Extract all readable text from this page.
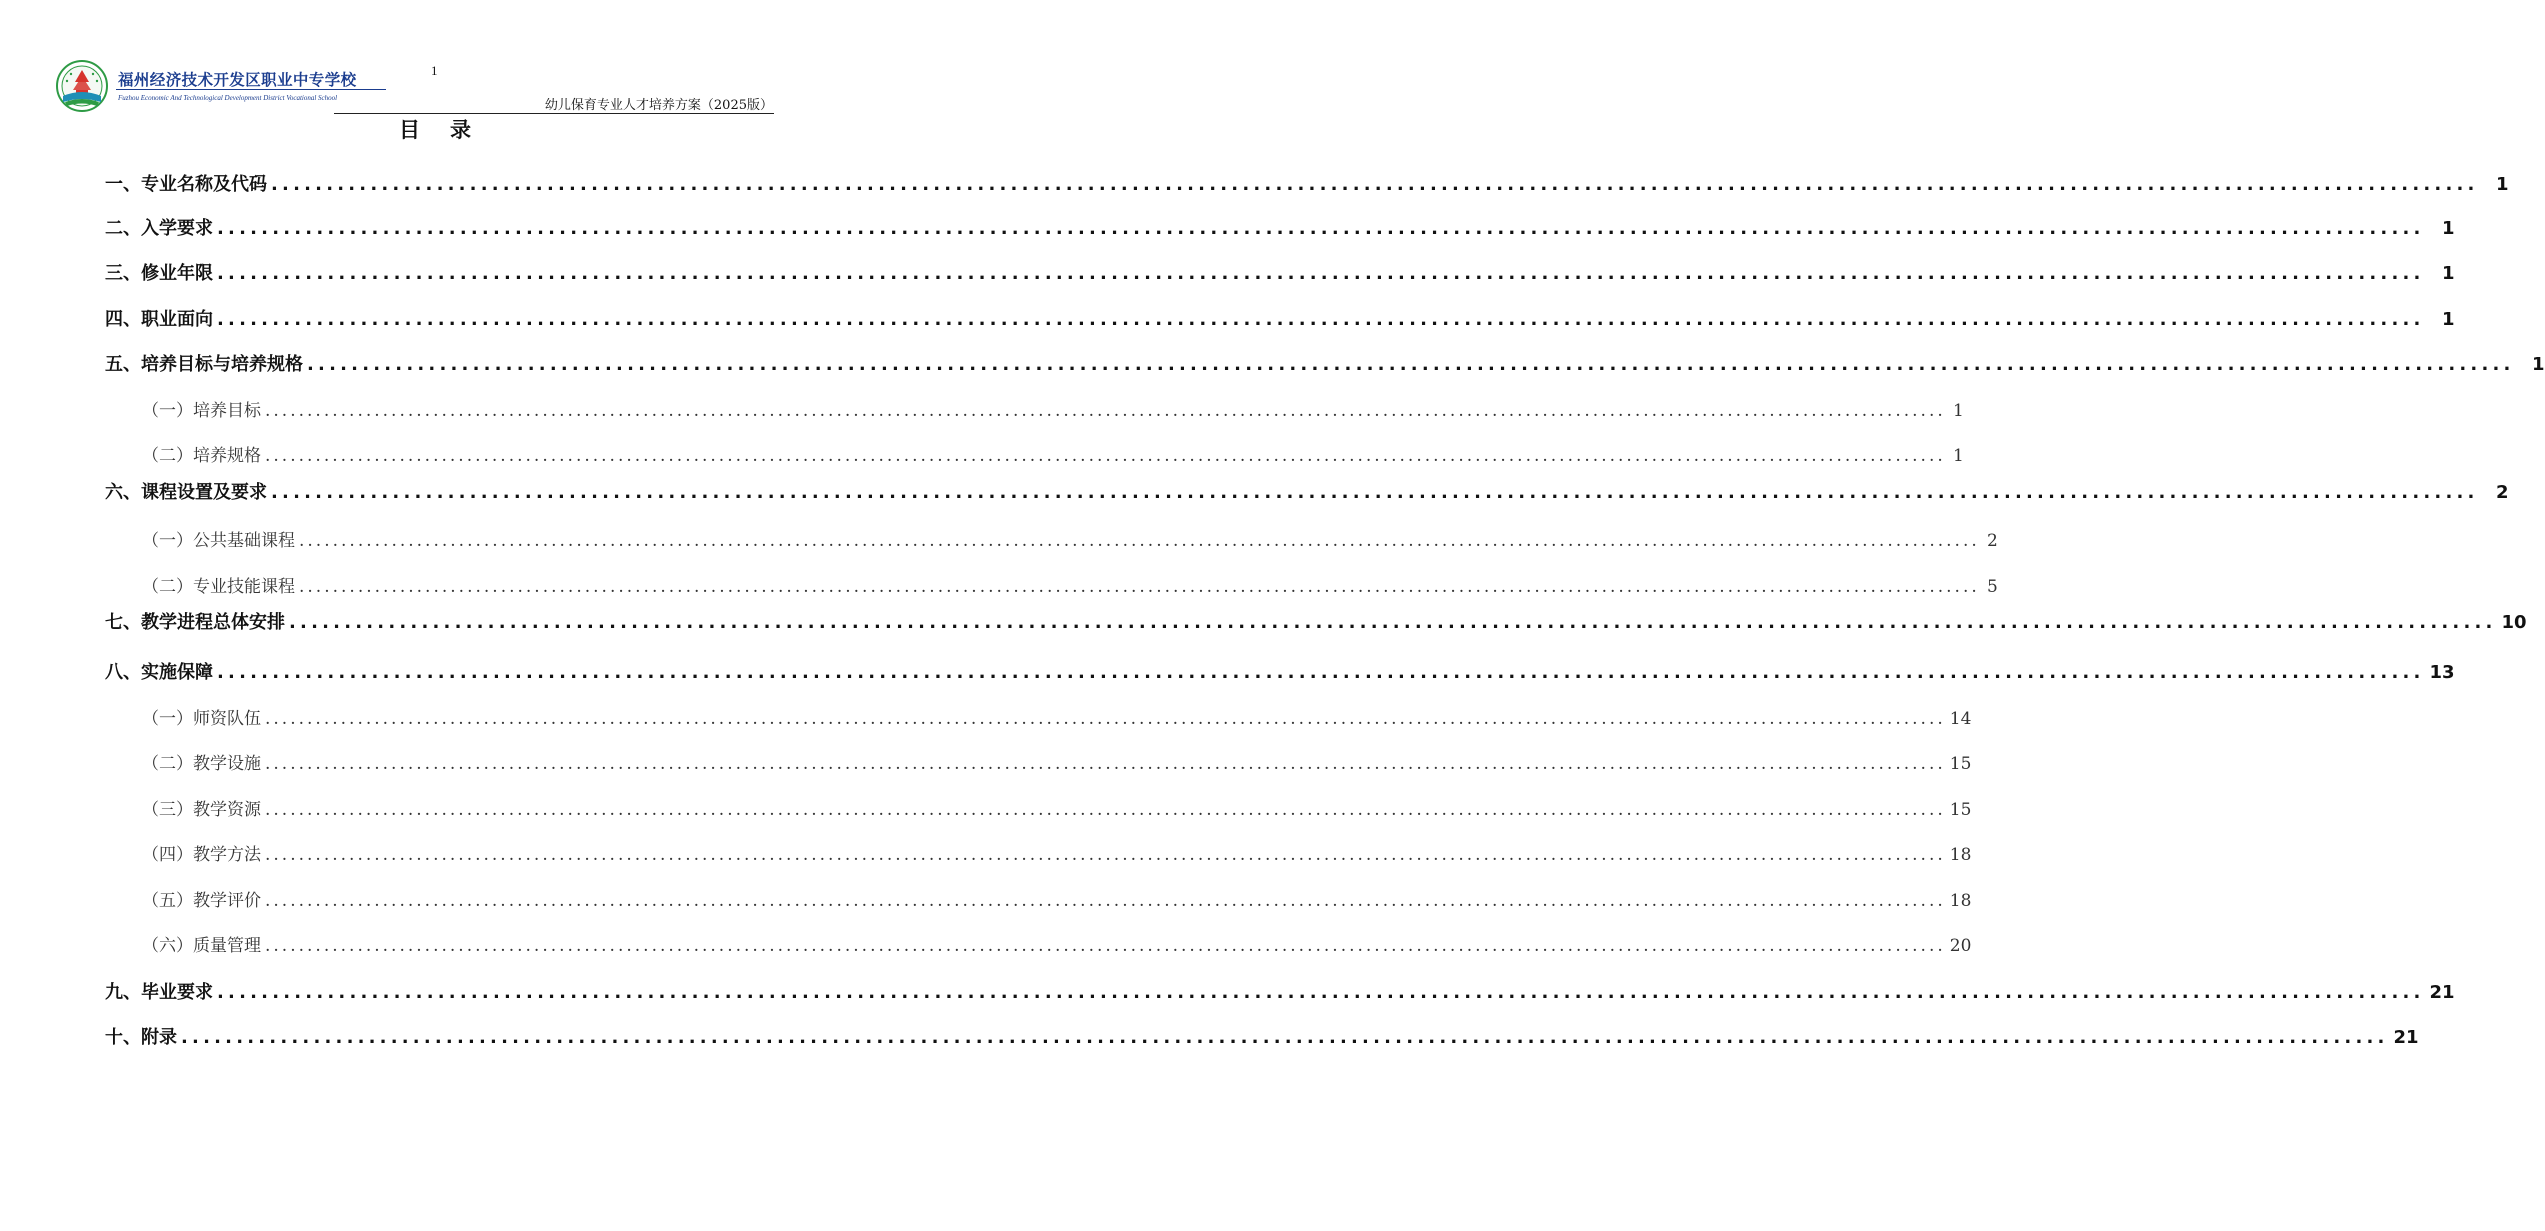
福州经济技术开发区职业中专学校
Fuzhou Economic And Technological Development District Vocational School
1
幼儿保育专业人才培养方案（2025版）
目录
一、专业名称及代码 ........................................................................................................................................................................................................ 1
二、入学要求 ........................................................................................................................................................................................................ 1
三、修业年限 ........................................................................................................................................................................................................ 1
四、职业面向 ........................................................................................................................................................................................................ 1
五、培养目标与培养规格 ........................................................................................................................................................................................................ 1
（一）培养目标 ........................................................................................................................................................................................................ 1
（二）培养规格 ........................................................................................................................................................................................................ 1
六、课程设置及要求 ........................................................................................................................................................................................................ 2
（一）公共基础课程 ........................................................................................................................................................................................................ 2
（二）专业技能课程 ........................................................................................................................................................................................................ 5
七、教学进程总体安排 ........................................................................................................................................................................................................ 10
八、实施保障 ........................................................................................................................................................................................................ 13
（一）师资队伍 ........................................................................................................................................................................................................ 14
（二）教学设施 ........................................................................................................................................................................................................ 15
（三）教学资源 ........................................................................................................................................................................................................ 15
（四）教学方法 ........................................................................................................................................................................................................ 18
（五）教学评价 ........................................................................................................................................................................................................ 18
（六）质量管理 ........................................................................................................................................................................................................ 20
九、毕业要求 ........................................................................................................................................................................................................ 21
十、附录 ........................................................................................................................................................................................................ 21
